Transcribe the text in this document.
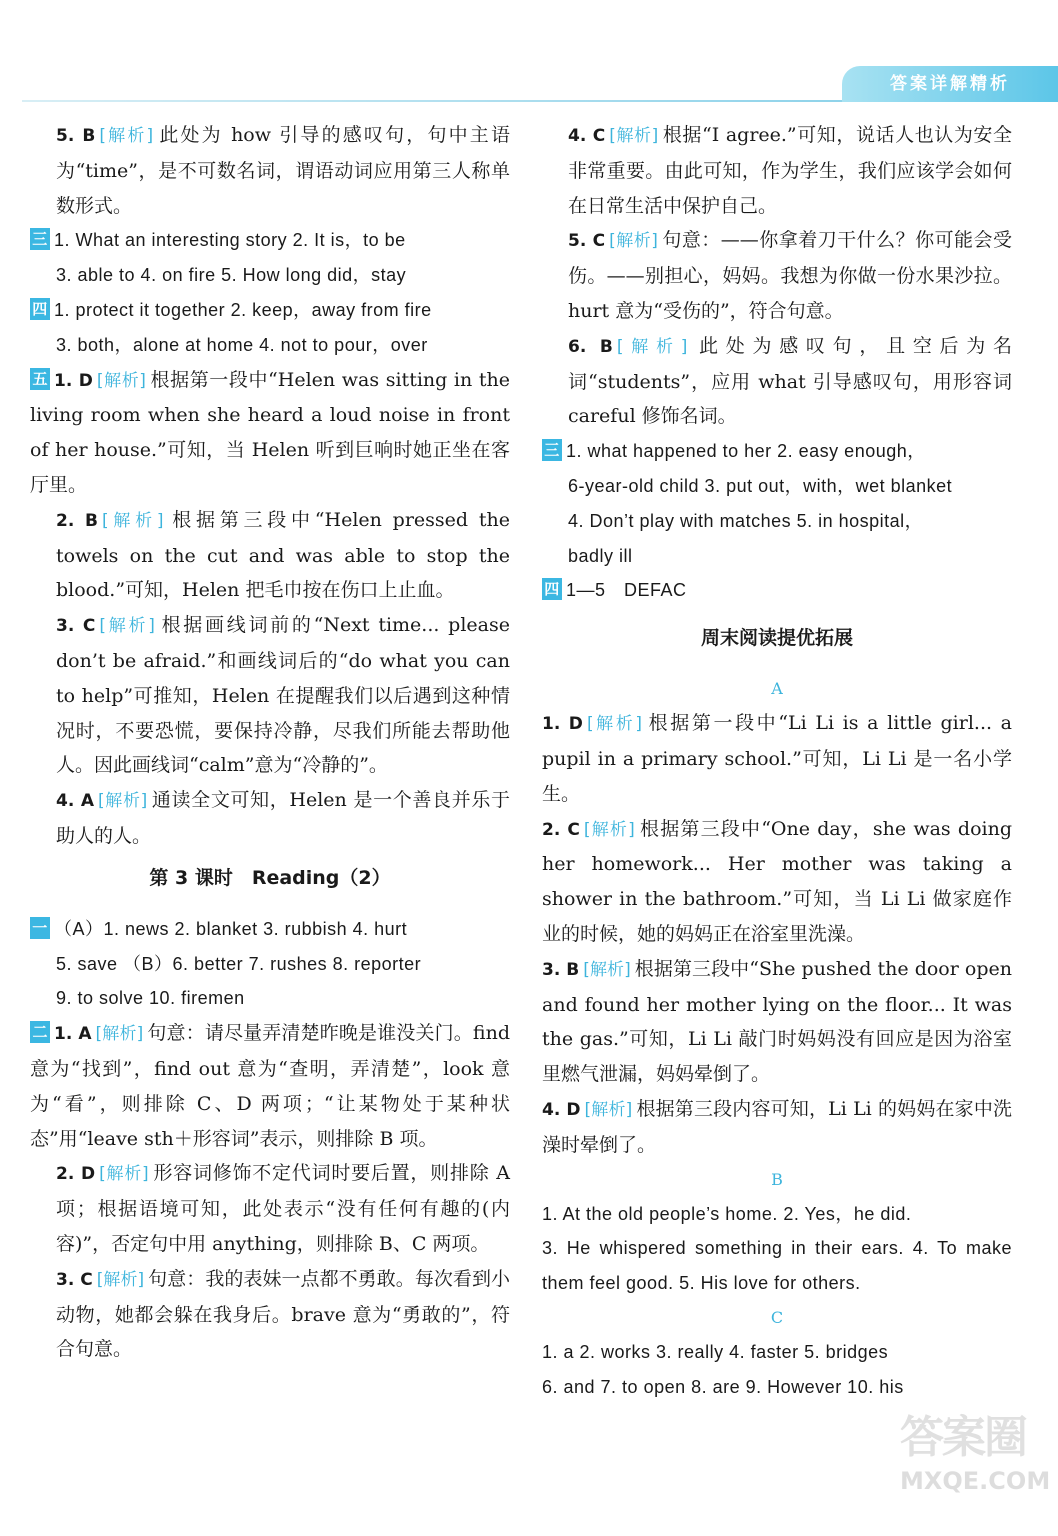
答案详解精析
5. B [解析] 此处为 how 引导的感叹句，句中主语为“time”，是不可数名词，谓语动词应用第三人称单数形式。
三 1. What an interesting story 2. It is，to be
3. able to 4. on fire 5. How long did，stay
四 1. protect it together 2. keep，away from fire
3. both，alone at home 4. not to pour，over
五 1. D [解析] 根据第一段中“Helen was sitting in the living room when she heard a loud noise in front of her house.”可知，当 Helen 听到巨响时她正坐在客厅里。
2. B [解析] 根据第三段中“Helen pressed the towels on the cut and was able to stop the blood.”可知，Helen 把毛巾按在伤口上止血。
3. C [解析] 根据画线词前的“Next time... please don’t be afraid.”和画线词后的“do what you can to help”可推知，Helen 在提醒我们以后遇到这种情况时，不要恐慌，要保持冷静，尽我们所能去帮助他人。因此画线词“calm”意为“冷静的”。
4. A [解析] 通读全文可知，Helen 是一个善良并乐于助人的人。
第 3 课时　Reading（2）
一 （A）1. news 2. blanket 3. rubbish 4. hurt
5. save （B）6. better 7. rushes 8. reporter
9. to solve 10. firemen
二 1. A [解析] 句意：请尽量弄清楚昨晚是谁没关门。find 意为“找到”，find out 意为“查明，弄清楚”，look 意为“看”，则排除 C、D 两项；“让某物处于某种状态”用“leave sth＋形容词”表示，则排除 B 项。
2. D [解析] 形容词修饰不定代词时要后置，则排除 A 项；根据语境可知，此处表示“没有任何有趣的(内容)”，否定句中用 anything，则排除 B、C 两项。
3. C [解析] 句意：我的表妹一点都不勇敢。每次看到小动物，她都会躲在我身后。brave 意为“勇敢的”，符合句意。
4. C [解析] 根据“I agree.”可知，说话人也认为安全非常重要。由此可知，作为学生，我们应该学会如何在日常生活中保护自己。
5. C [解析] 句意：——你拿着刀干什么？你可能会受伤。——别担心，妈妈。我想为你做一份水果沙拉。hurt 意为“受伤的”，符合句意。
6. B [解析] 此处为感叹句，且空后为名词“students”，应用 what 引导感叹句，用形容词 careful 修饰名词。
三 1. what happened to her 2. easy enough，
6-year-old child 3. put out，with，wet blanket
4. Don’t play with matches 5. in hospital，
badly ill
四 1—5　DEFAC
周末阅读提优拓展
A
1. D [解析] 根据第一段中“Li Li is a little girl... a pupil in a primary school.”可知，Li Li 是一名小学生。
2. C [解析] 根据第三段中“One day，she was doing her homework... Her mother was taking a shower in the bathroom.”可知，当 Li Li 做家庭作业的时候，她的妈妈正在浴室里洗澡。
3. B [解析] 根据第三段中“She pushed the door open and found her mother lying on the floor... It was the gas.”可知，Li Li 敲门时妈妈没有回应是因为浴室里燃气泄漏，妈妈晕倒了。
4. D [解析] 根据第三段内容可知，Li Li 的妈妈在家中洗澡时晕倒了。
B
1. At the old people’s home. 2. Yes，he did.
3. He whispered something in their ears. 4. To make them feel good. 5. His love for others.
C
1. a 2. works 3. really 4. faster 5. bridges
6. and 7. to open 8. are 9. However 10. his
答案圈
MXQE.COM
